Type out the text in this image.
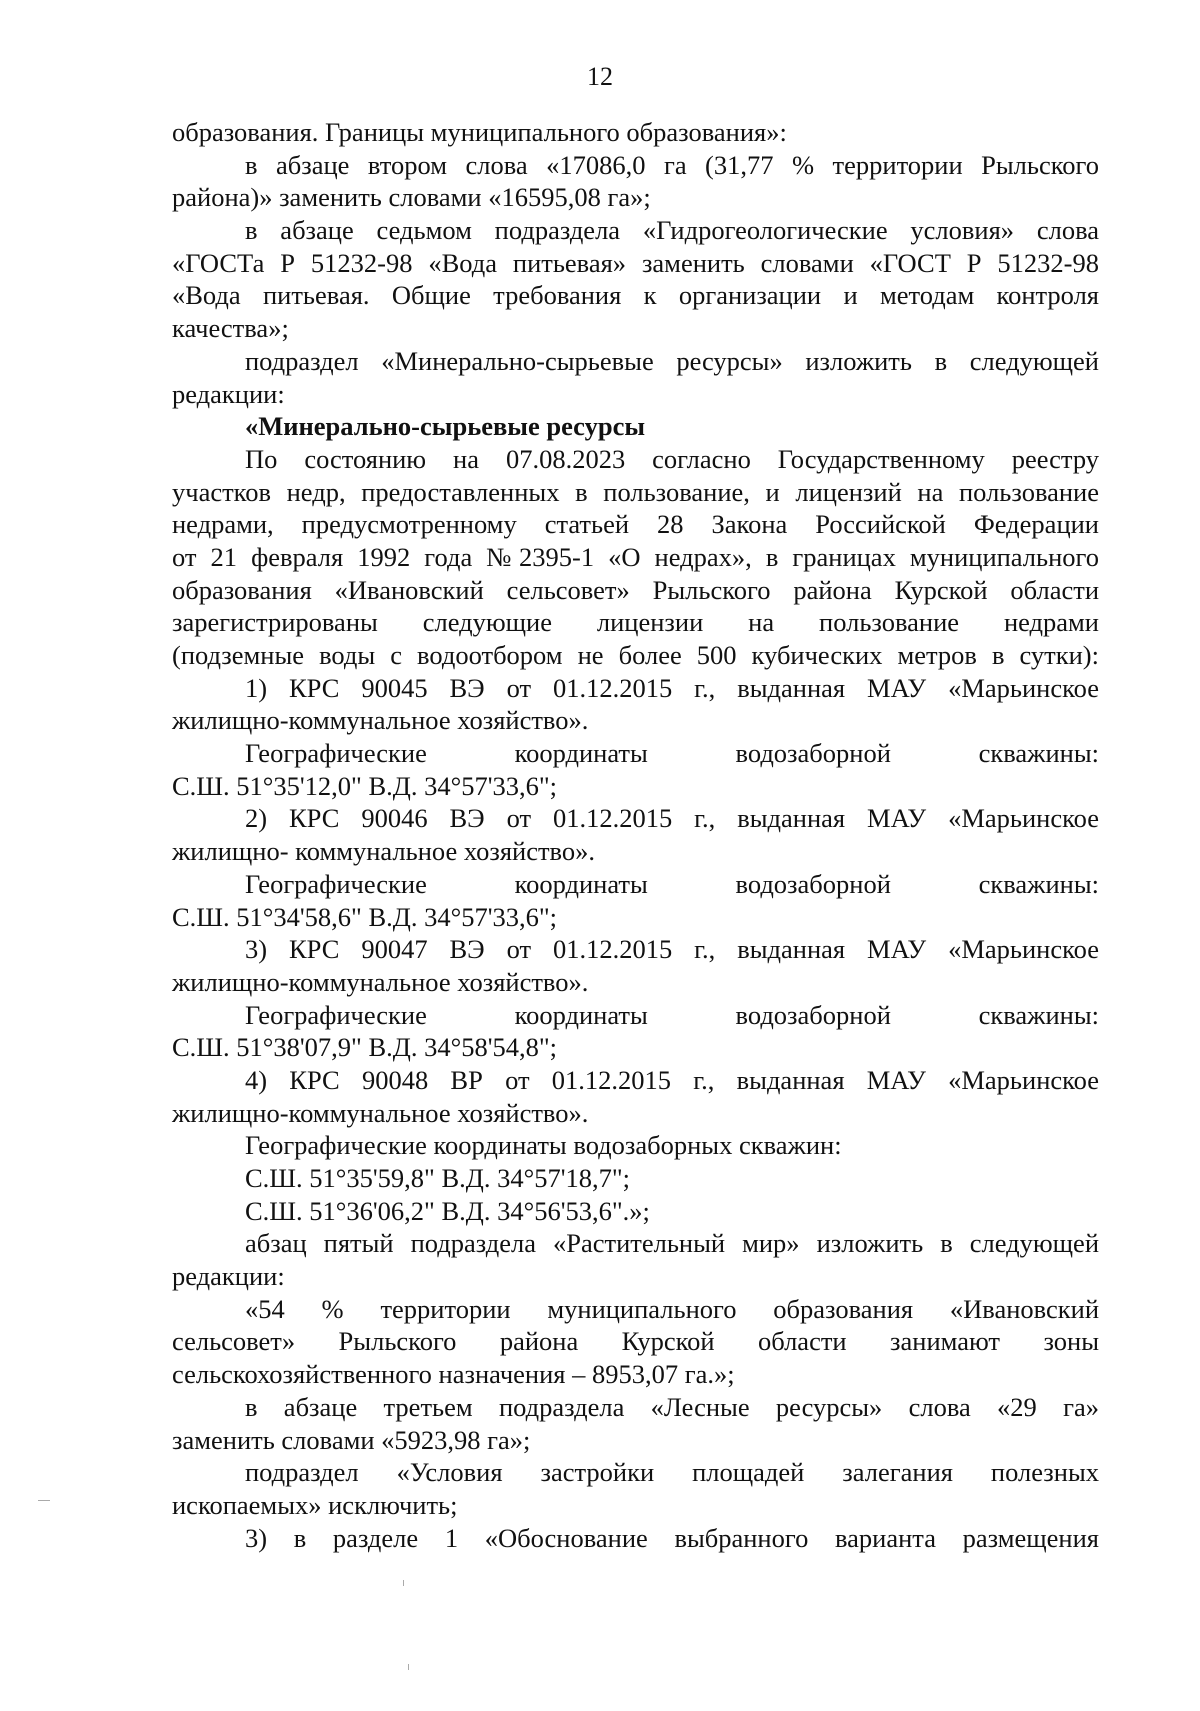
12
образования. Границы муниципального образования»:
в абзаце втором слова «17086,0 га (31,77 % территории Рыльского
района)» заменить словами «16595,08 га»;
в абзаце седьмом подраздела «Гидрогеологические условия» слова
«ГОСТа Р 51232-98 «Вода питьевая» заменить словами «ГОСТ Р 51232-98
«Вода питьевая. Общие требования к организации и методам контроля
качества»;
подраздел «Минерально-сырьевые ресурсы» изложить в следующей
редакции:
«Минерально-сырьевые ресурсы
По состоянию на 07.08.2023 согласно Государственному реестру
участков недр, предоставленных в пользование, и лицензий на пользование
недрами, предусмотренному статьей 28 Закона Российской Федерации
от 21 февраля 1992 года №2395-1 «О недрах», в границах муниципального
образования «Ивановский сельсовет» Рыльского района Курской области
зарегистрированы следующие лицензии на пользование недрами
(подземные воды с водоотбором не более 500 кубических метров в сутки):
1) КРС 90045 ВЭ от 01.12.2015 г., выданная МАУ «Марьинское
жилищно-коммунальное хозяйство».
Географические координаты водозаборной скважины:
С.Ш. 51°35'12,0" В.Д. 34°57'33,6";
2) КРС 90046 ВЭ от 01.12.2015 г., выданная МАУ «Марьинское
жилищно- коммунальное хозяйство».
Географические координаты водозаборной скважины:
С.Ш. 51°34'58,6" В.Д. 34°57'33,6";
3) КРС 90047 ВЭ от 01.12.2015 г., выданная МАУ «Марьинское
жилищно-коммунальное хозяйство».
Географические координаты водозаборной скважины:
С.Ш. 51°38'07,9" В.Д. 34°58'54,8";
4) КРС 90048 ВР от 01.12.2015 г., выданная МАУ «Марьинское
жилищно-коммунальное хозяйство».
Географические координаты водозаборных скважин:
С.Ш. 51°35'59,8" В.Д. 34°57'18,7";
С.Ш. 51°36'06,2" В.Д. 34°56'53,6".»;
абзац пятый подраздела «Растительный мир» изложить в следующей
редакции:
«54 % территории муниципального образования «Ивановский
сельсовет» Рыльского района Курской области занимают зоны
сельскохозяйственного назначения – 8953,07 га.»;
в абзаце третьем подраздела «Лесные ресурсы» слова «29 га»
заменить словами «5923,98 га»;
подраздел «Условия застройки площадей залегания полезных
ископаемых» исключить;
3) в разделе 1 «Обоснование выбранного варианта размещения
